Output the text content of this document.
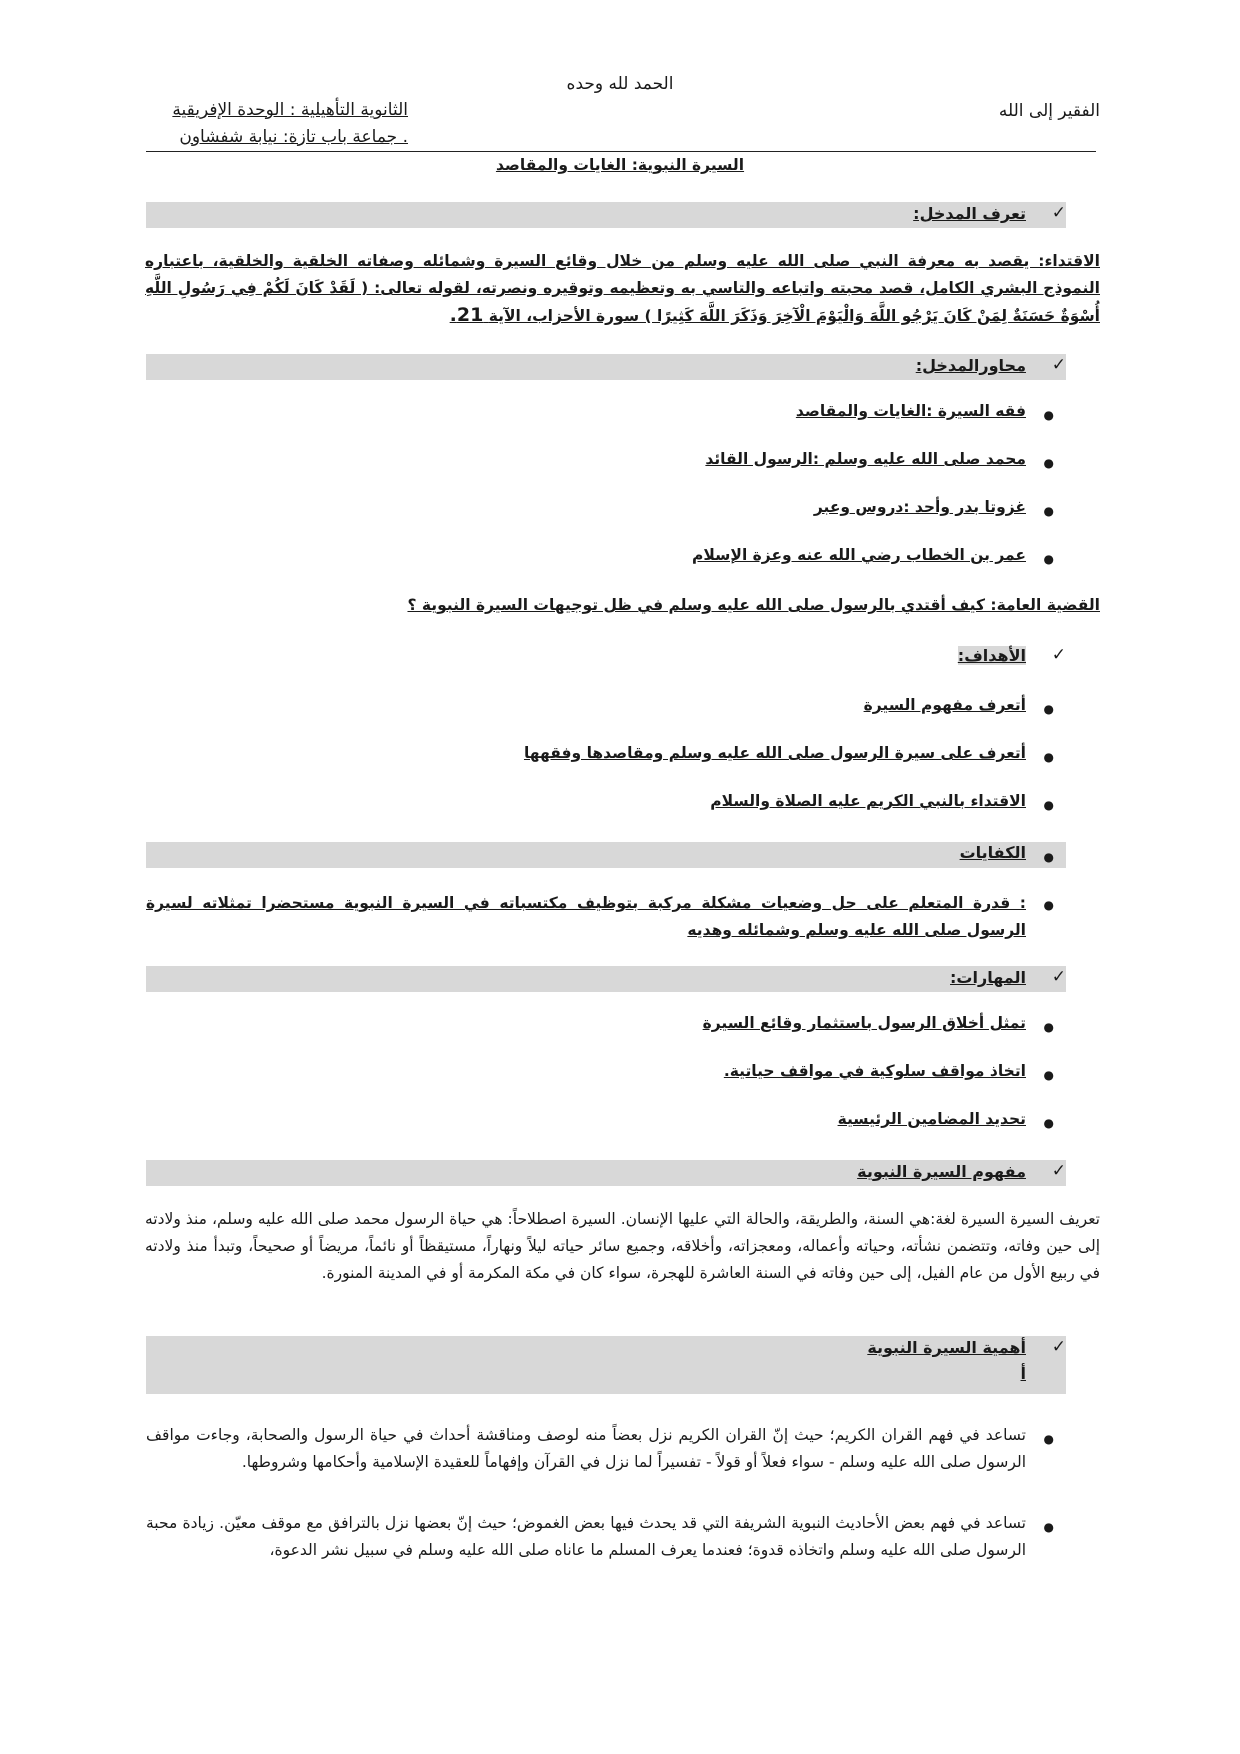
الحمد لله وحده
الفقير إلى الله
الثانوية التأهيلية : الوحدة الإفريقية
. جماعة باب تازة: نيابة شفشاون
السيرة النبوية: الغايات والمقاصد
✓
تعرف المدخل:
الاقتداء: يقصد به معرفة النبي صلى الله عليه وسلم من خلال وقائع السيرة وشمائله وصفاته الخلقية والخلقية، باعتباره النموذج البشري الكامل، قصد محبته واتباعه والتاسي به وتعظيمه وتوقيره ونصرته، لقوله تعالى: ( لَقَدْ كَانَ لَكُمْ فِي رَسُولِ اللَّهِ أُسْوَةٌ حَسَنَةٌ لِمَنْ كَانَ يَرْجُو اللَّهَ وَالْيَوْمَ الْآخِرَ وَذَكَرَ اللَّهَ كَثِيرًا ) سورة الأحزاب، الآية 21.
✓
محاورالمدخل:
●
فقه السيرة :الغايات والمقاصد
●
محمد صلى الله عليه وسلم :الرسول القائد
●
غزوتا بدر وأحد :دروس وعبر
●
عمر بن الخطاب رضي الله عنه وعزة الإسلام
القضية العامة: كيف أقتدي بالرسول صلى الله عليه وسلم في ظل توجيهات السيرة النبوية ؟
✓
الأهداف:
●
أتعرف مفهوم السيرة
●
أتعرف على سيرة الرسول صلى الله عليه وسلم ومقاصدها وفقهها
●
الاقتداء بالنبي الكريم عليه الصلاة والسلام
●
الكفايات
●
: قدرة المتعلم على حل وضعيات مشكلة مركبة بتوظيف مكتسباته في السيرة النبوية مستحضرا تمثلاته لسيرة الرسول صلى الله عليه وسلم وشمائله وهديه
✓
المهارات:
●
تمثل أخلاق الرسول باستثمار وقائع السيرة
●
اتخاذ مواقف سلوكية في مواقف حياتية.
●
تحديد المضامين الرئيسية
✓
مفهوم السيرة النبوية
تعريف السيرة السيرة لغة:هي السنة، والطريقة، والحالة التي عليها الإنسان. السيرة اصطلاحاً: هي حياة الرسول محمد صلى الله عليه وسلم، منذ ولادته إلى حين وفاته، وتتضمن نشأته، وحياته وأعماله، ومعجزاته، وأخلاقه، وجميع سائر حياته ليلاً ونهاراً، مستيقظاً أو نائماً، مريضاً أو صحيحاً، وتبدأ منذ ولادته في ربيع الأول من عام الفيل، إلى حين وفاته في السنة العاشرة للهجرة، سواء كان في مكة المكرمة أو في المدينة المنورة.
✓
أهمية السيرة النبوية
أ
●
تساعد في فهم القران الكريم؛ حيث إنّ القران الكريم نزل بعضاً منه لوصف ومناقشة أحداث في حياة الرسول والصحابة، وجاءت مواقف الرسول صلى الله عليه وسلم - سواء فعلاً أو قولاً - تفسيراً لما نزل في القرآن وإفهاماً للعقيدة الإسلامية وأحكامها وشروطها.
●
تساعد في فهم بعض الأحاديث النبوية الشريفة التي قد يحدث فيها بعض الغموض؛ حيث إنّ بعضها نزل بالترافق مع موقف معيّن. زيادة محبة الرسول صلى الله عليه وسلم واتخاذه قدوة؛ فعندما يعرف المسلم ما عاناه صلى الله عليه وسلم في سبيل نشر الدعوة،
